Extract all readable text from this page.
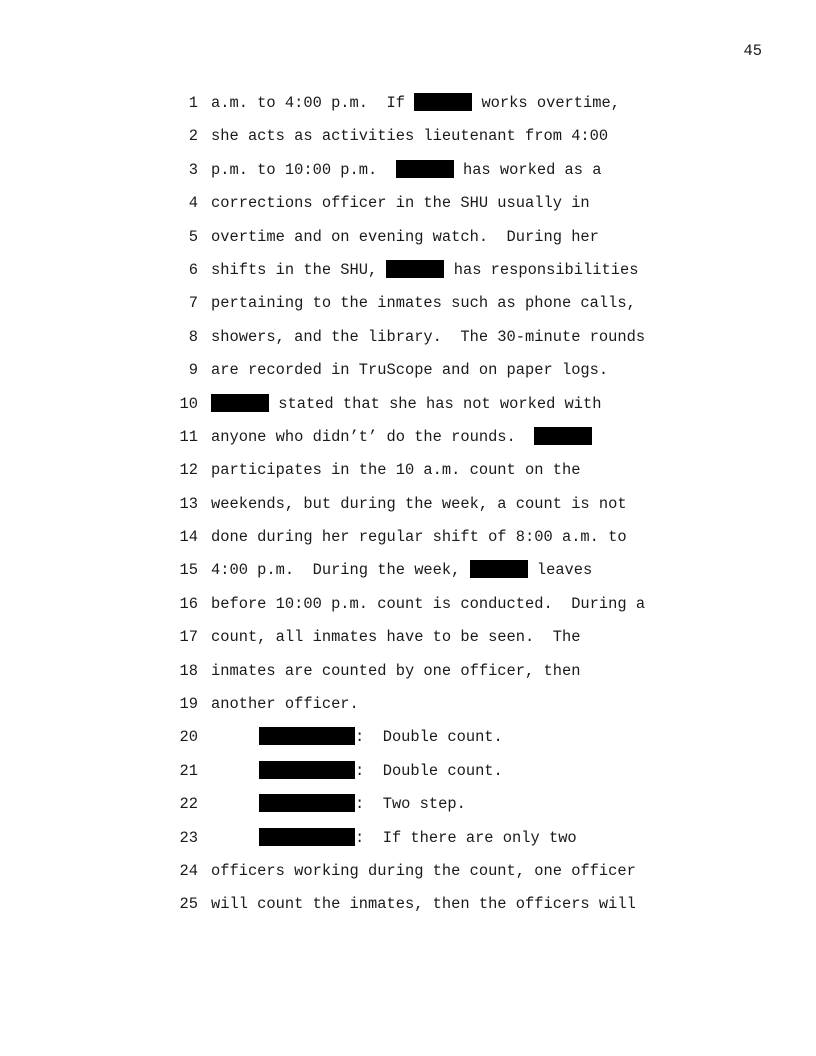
45

1

a.m. to 4:00 p.m.  If	works overtime,

2

she acts as activities lieutenant from 4:00

3

p.m. to 10:00 p.m.	has worked as a

4

corrections officer in the SHU usually in

5

overtime and on evening watch.  During her

6

shifts in the SHU,	has responsibilities

7

pertaining to the inmates such as phone calls,

8

showers, and the library.  The 30-minute rounds

9

are recorded in TruScope and on paper logs.

10

	stated that she has not worked with

11

anyone who didn’t’ do the rounds.

12

participates in the 10 a.m. count on the

13

weekends, but during the week, a count is not

14

done during her regular shift of 8:00 a.m. to

15

4:00 p.m.  During the week,	leaves

16

before 10:00 p.m. count is conducted.  During a

17

count, all inmates have to be seen.  The

18

inmates are counted by one officer, then

19

another officer.

20

	:  Double count.

21

	:  Double count.

22

	:  Two step.

23

	:  If there are only two

24

officers working during the count, one officer

25

will count the inmates, then the officers will
